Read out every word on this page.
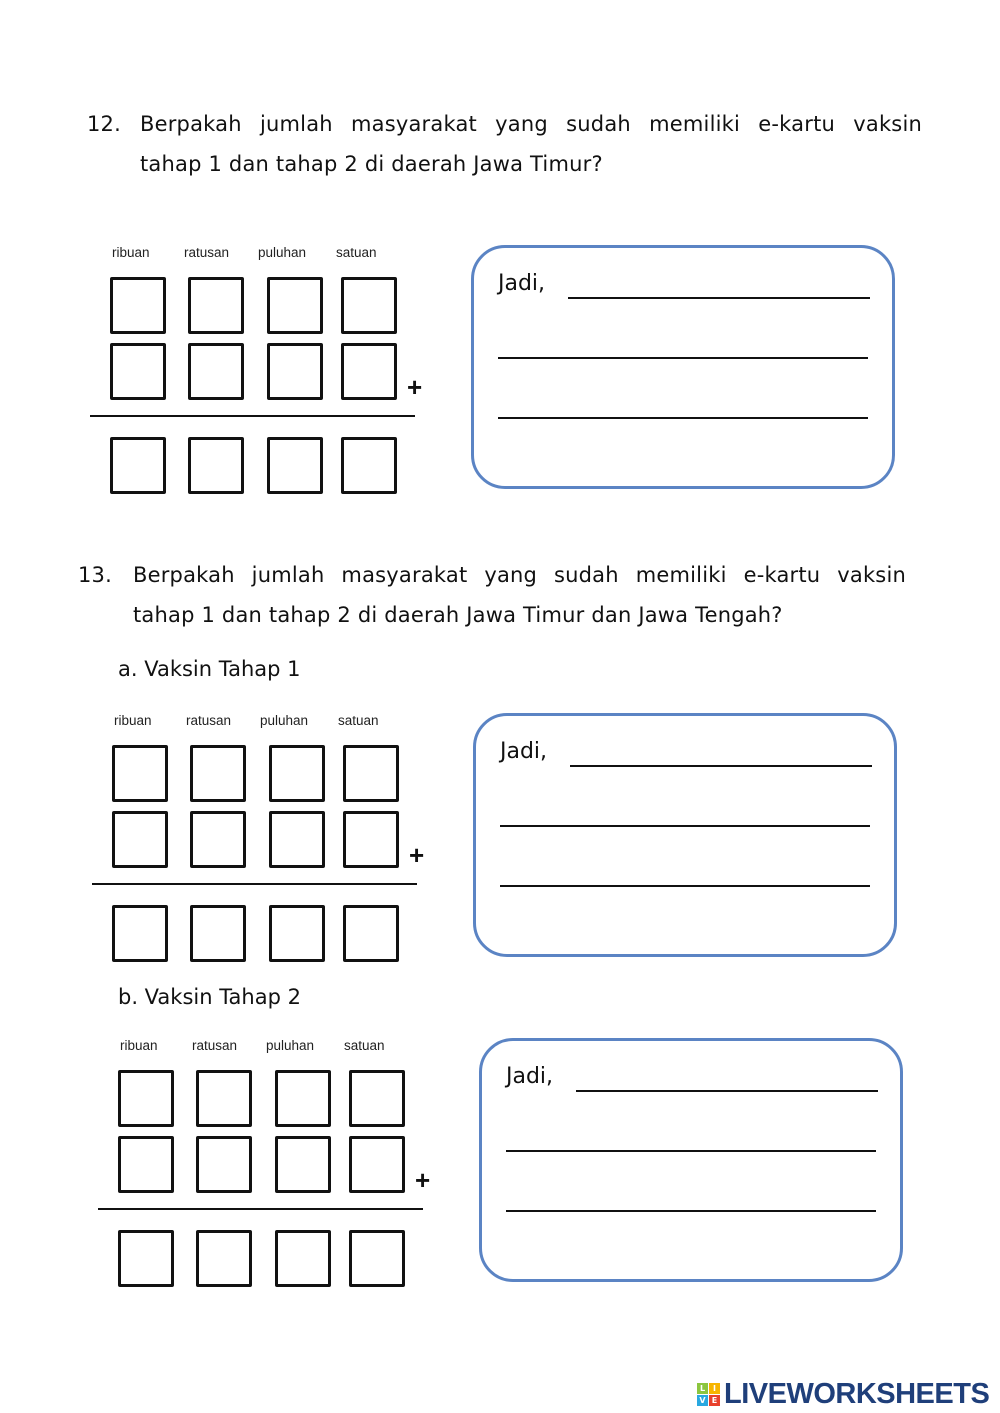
12. Berpakah jumlah masyarakat yang sudah memiliki e-kartu vaksin
tahap 1 dan tahap 2 di daerah Jawa Timur?
13. Berpakah jumlah masyarakat yang sudah memiliki e-kartu vaksin
tahap 1 dan tahap 2 di daerah Jawa Timur dan Jawa Tengah?
a. Vaksin Tahap 1
b. Vaksin Tahap 2
ribuan	ratusan puluhan satuan
+
Jadi,
ribuan	ratusan puluhan satuan
+
Jadi,
ribuan	ratusan puluhan satuan
+
Jadi,
L I
V E LIVEWORKSHEETS
